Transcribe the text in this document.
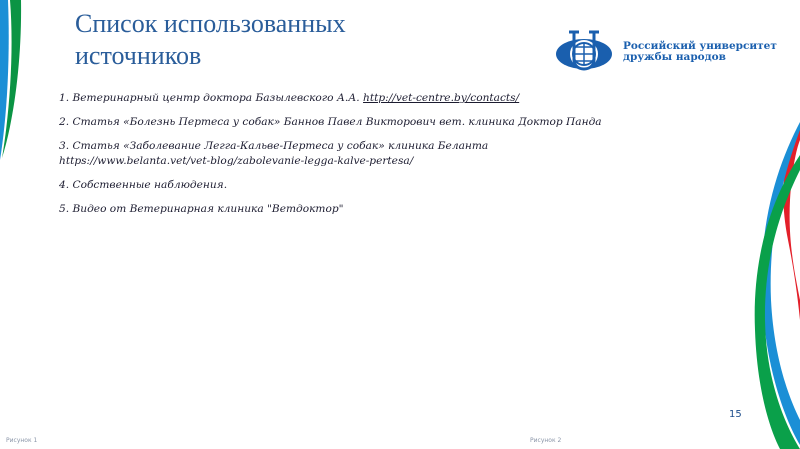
Список использованных
источников	Российский университет
дружбы народов
1. Ветеринарный центр доктора Базылевского А.А. http://vet-centre.by/contacts/
2. Статья «Болезнь Пертеса у собак» Баннов Павел Викторович вет. клиника Доктор Панда
3. Статья «Заболевание Легга-Кальве-Пертеса у собак» клиника Беланта
https://www.belanta.vet/vet-blog/zabolevanie-legga-kalve-pertesa/
4. Собственные наблюдения.
5. Видео от Ветеринарная клиника "Ветдоктор"
15
Рисунок 1	Рисунок 2
